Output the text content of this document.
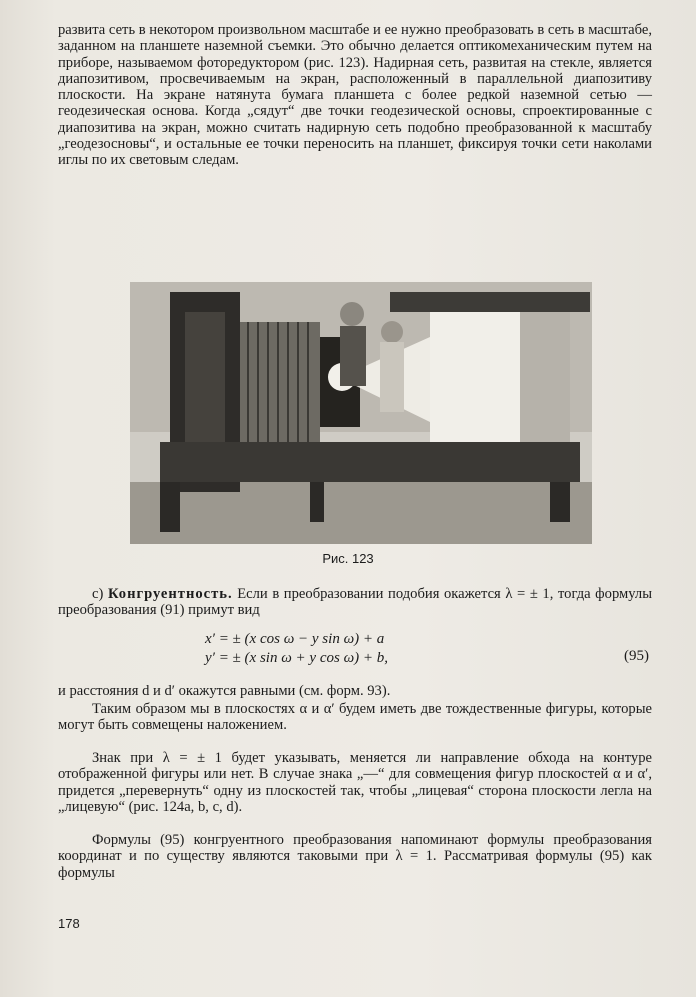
развита сеть в некотором произвольном масштабе и ее нужно преобразовать в сеть в масштабе, заданном на планшете наземной съемки. Это обычно делается оптикомеханическим путем на приборе, называемом фоторедуктором (рис. 123). Надирная сеть, развитая на стекле, является диапозитивом, просвечиваемым на экран, расположенный в параллельной диапозитиву плоскости. На экране натянута бумага планшета с более редкой наземной сетью — геодезическая основа. Когда „сядут“ две точки геодезической основы, спроектированные с диапозитива на экран, можно считать надирную сеть подобно преобразованной к масштабу „геодезосновы“, и остальные ее точки переносить на планшет, фиксируя точки сети наколами иглы по их световым следам.

Рис. 123

с) Конгруентность. Если в преобразовании подобия окажется λ = ± 1, тогда формулы преобразования (91) примут вид

x′ = ± (x cos ω − y sin ω) + a
y′ = ± (x sin ω + y cos ω) + b,	(95)

и расстояния d и d′ окажутся равными (см. форм. 93).

Таким образом мы в плоскостях α и α′ будем иметь две тождественные фигуры, которые могут быть совмещены наложением.

Знак при λ = ± 1 будет указывать, меняется ли направление обхода на контуре отображенной фигуры или нет. В случае знака „—“ для совмещения фигур плоскостей α и α′, придется „перевернуть“ одну из плоскостей так, чтобы „лицевая“ сторона плоскости легла на „лицевую“ (рис. 124a, b, c, d).

Формулы (95) конгруентного преобразования напоминают формулы преобразования координат и по существу являются таковыми при λ = 1. Рассматривая формулы (95) как формулы

178
